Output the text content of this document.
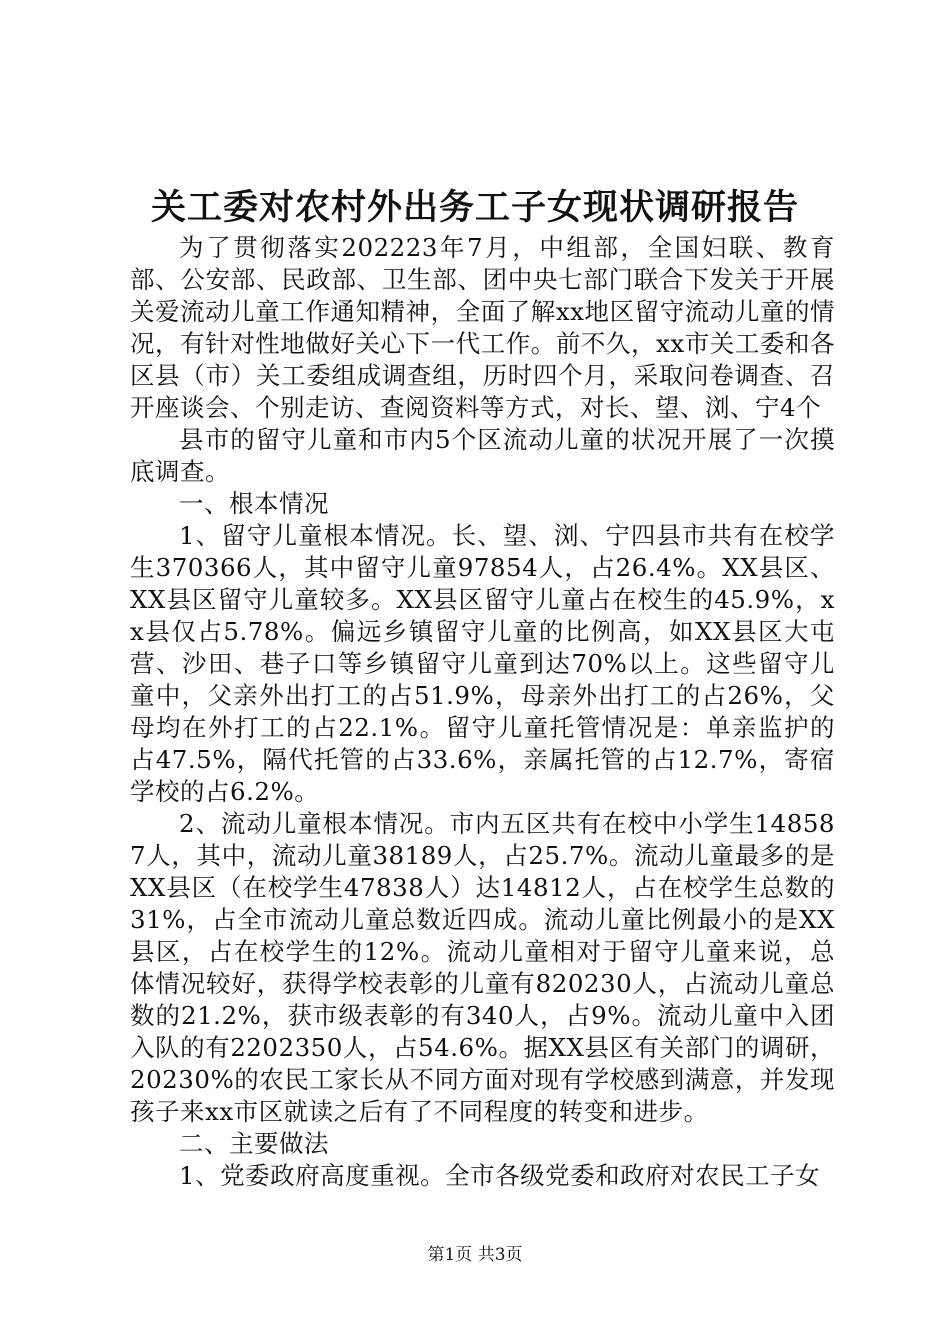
关工委对农村外出务工子女现状调研报告

为了贯彻落实202223年7月，中组部，全国妇联、教育部、公安部、民政部、卫生部、团中央七部门联合下发关于开展关爱流动儿童工作通知精神，全面了解xx地区留守流动儿童的情况，有针对性地做好关心下一代工作。前不久，xx市关工委和各区县（市）关工委组成调查组，历时四个月，采取问卷调查、召开座谈会、个别走访、查阅资料等方式，对长、望、浏、宁4个

县市的留守儿童和市内5个区流动儿童的状况开展了一次摸底调查。

一、根本情况

1、留守儿童根本情况。长、望、浏、宁四县市共有在校学生370366人，其中留守儿童97854人，占26.4%。XX县区、XX县区留守儿童较多。XX县区留守儿童占在校生的45.9%，xx县仅占5.78%。偏远乡镇留守儿童的比例高，如XX县区大屯营、沙田、巷子口等乡镇留守儿童到达70%以上。这些留守儿童中，父亲外出打工的占51.9%，母亲外出打工的占26%，父母均在外打工的占22.1%。留守儿童托管情况是：单亲监护的占47.5%，隔代托管的占33.6%，亲属托管的占12.7%，寄宿学校的占6.2%。

2、流动儿童根本情况。市内五区共有在校中小学生148587人，其中，流动儿童38189人，占25.7%。流动儿童最多的是XX县区（在校学生47838人）达14812人，占在校学生总数的31%，占全市流动儿童总数近四成。流动儿童比例最小的是XX县区，占在校学生的12%。流动儿童相对于留守儿童来说，总体情况较好，获得学校表彰的儿童有820230人，占流动儿童总数的21.2%，获市级表彰的有340人，占9%。流动儿童中入团入队的有2202350人，占54.6%。据XX县区有关部门的调研，20230%的农民工家长从不同方面对现有学校感到满意，并发现孩子来xx市区就读之后有了不同程度的转变和进步。

二、主要做法

1、党委政府高度重视。全市各级党委和政府对农民工子女

第1页 共3页
